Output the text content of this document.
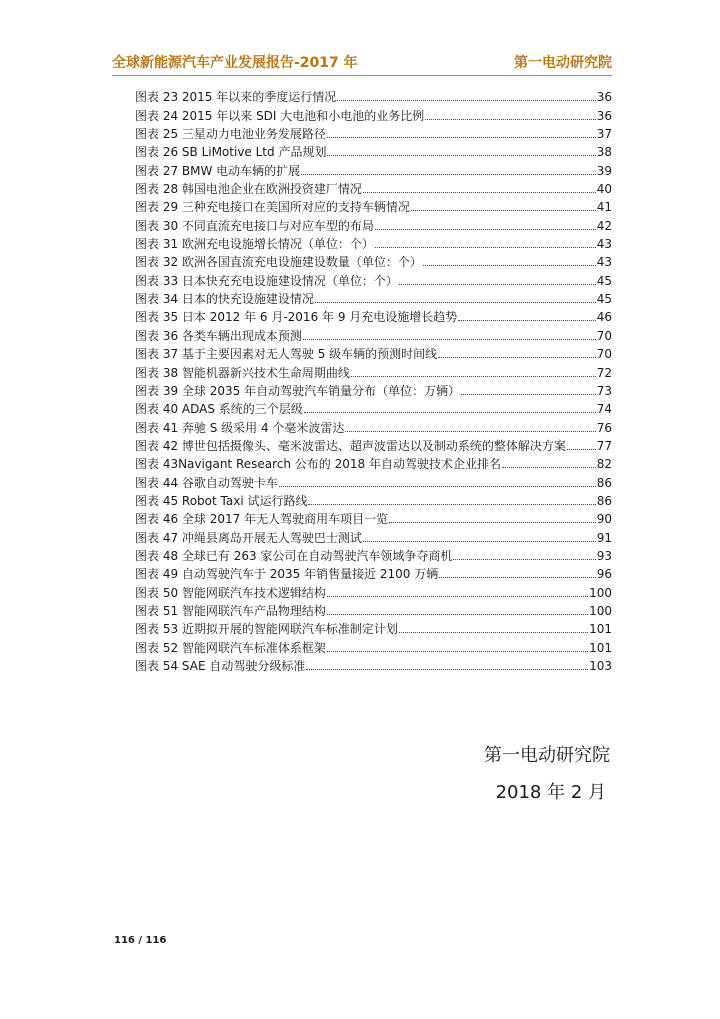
全球新能源汽车产业发展报告-2017 年	第一电动研究院
图表 23 2015 年以来的季度运行情况	36
图表 24 2015 年以来 SDI 大电池和小电池的业务比例	36
图表 25 三星动力电池业务发展路径	37
图表 26 SB LiMotive Ltd 产品规划	38
图表 27 BMW 电动车辆的扩展	39
图表 28 韩国电池企业在欧洲投资建厂情况	40
图表 29 三种充电接口在美国所对应的支持车辆情况	41
图表 30 不同直流充电接口与对应车型的布局	42
图表 31 欧洲充电设施增长情况（单位：个）	43
图表 32 欧洲各国直流充电设施建设数量（单位：个）	43
图表 33 日本快充充电设施建设情况（单位：个）	45
图表 34 日本的快充设施建设情况	45
图表 35 日本 2012 年 6 月-2016 年 9 月充电设施增长趋势	46
图表 36 各类车辆出现成本预测	70
图表 37 基于主要因素对无人驾驶 5 级车辆的预测时间线	70
图表 38 智能机器新兴技术生命周期曲线	72
图表 39 全球 2035 年自动驾驶汽车销量分布（单位：万辆）	73
图表 40 ADAS 系统的三个层级	74
图表 41 奔驰 S 级采用 4 个毫米波雷达	76
图表 42 博世包括摄像头、毫米波雷达、超声波雷达以及制动系统的整体解决方案	77
图表 43Navigant Research 公布的 2018 年自动驾驶技术企业排名	82
图表 44 谷歌自动驾驶卡车	86
图表 45 Robot Taxi 试运行路线	86
图表 46 全球 2017 年无人驾驶商用车项目一览	90
图表 47 冲绳县离岛开展无人驾驶巴士测试	91
图表 48 全球已有 263 家公司在自动驾驶汽车领域争夺商机	93
图表 49 自动驾驶汽车于 2035 年销售量接近 2100 万辆	96
图表 50 智能网联汽车技术逻辑结构	100
图表 51 智能网联汽车产品物理结构	100
图表 53 近期拟开展的智能网联汽车标准制定计划	101
图表 52 智能网联汽车标准体系框架	101
图表 54 SAE 自动驾驶分级标准	103
第一电动研究院
2018 年 2 月
116 / 116
